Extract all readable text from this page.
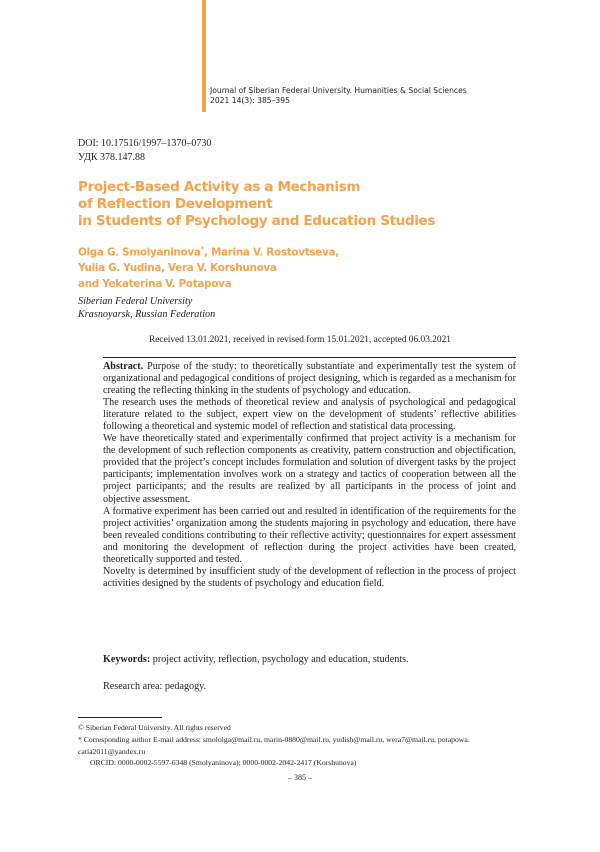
Journal of Siberian Federal University. Humanities & Social Sciences
2021 14(3): 385–395
DOI: 10.17516/1997–1370–0730
УДК 378.147.88
Project-Based Activity as a Mechanism
of Reflection Development
in Students of Psychology and Education Studies
Olga G. Smolyaninova*, Marina V. Rostovtseva,
Yulia G. Yudina, Vera V. Korshunova
and Yekaterina V. Potapova
Siberian Federal University
Krasnoyarsk, Russian Federation
Received 13.01.2021, received in revised form 15.01.2021, accepted 06.03.2021

Abstract. Purpose of the study: to theoretically substantiate and experimentally test the system of organizational and pedagogical conditions of project designing, which is regarded as a mechanism for creating the reflecting thinking in the students of psychology and education.

The research uses the methods of theoretical review and analysis of psychological and pedagogical literature related to the subject, expert view on the development of students’ reflective abilities following a theoretical and systemic model of reflection and statistical data processing.

We have theoretically stated and experimentally confirmed that project activity is a mechanism for the development of such reflection components as creativity, pattern construction and objectification, provided that the project’s concept includes formulation and solution of divergent tasks by the project participants; implementation involves work on a strategy and tactics of cooperation between all the project participants; and the results are realized by all participants in the process of joint and objective assessment.

A formative experiment has been carried out and resulted in identification of the requirements for the project activities’ organization among the students majoring in psychology and education, there have been revealed conditions contributing to their reflective activity; questionnaires for expert assessment and monitoring the development of reflection during the project activities have been created, theoretically supported and tested.

Novelty is determined by insufficient study of the development of reflection in the process of project activities designed by the students of psychology and education field.

Keywords: project activity, reflection, psychology and education, students.
Research area: pedagogy.
© Siberian Federal University. All rights reserved
* Corresponding author E-mail address: smololga@mail.ru, marin-0880@mail.ru, yudish@mail.ru, wera7@mail.ru, potapowa.
catia2011@yandex.ru
ORCID: 0000-0002-5597-6348 (Smolyaninova); 0000-0002-2042-2417 (Korshunova)
– 385 –
